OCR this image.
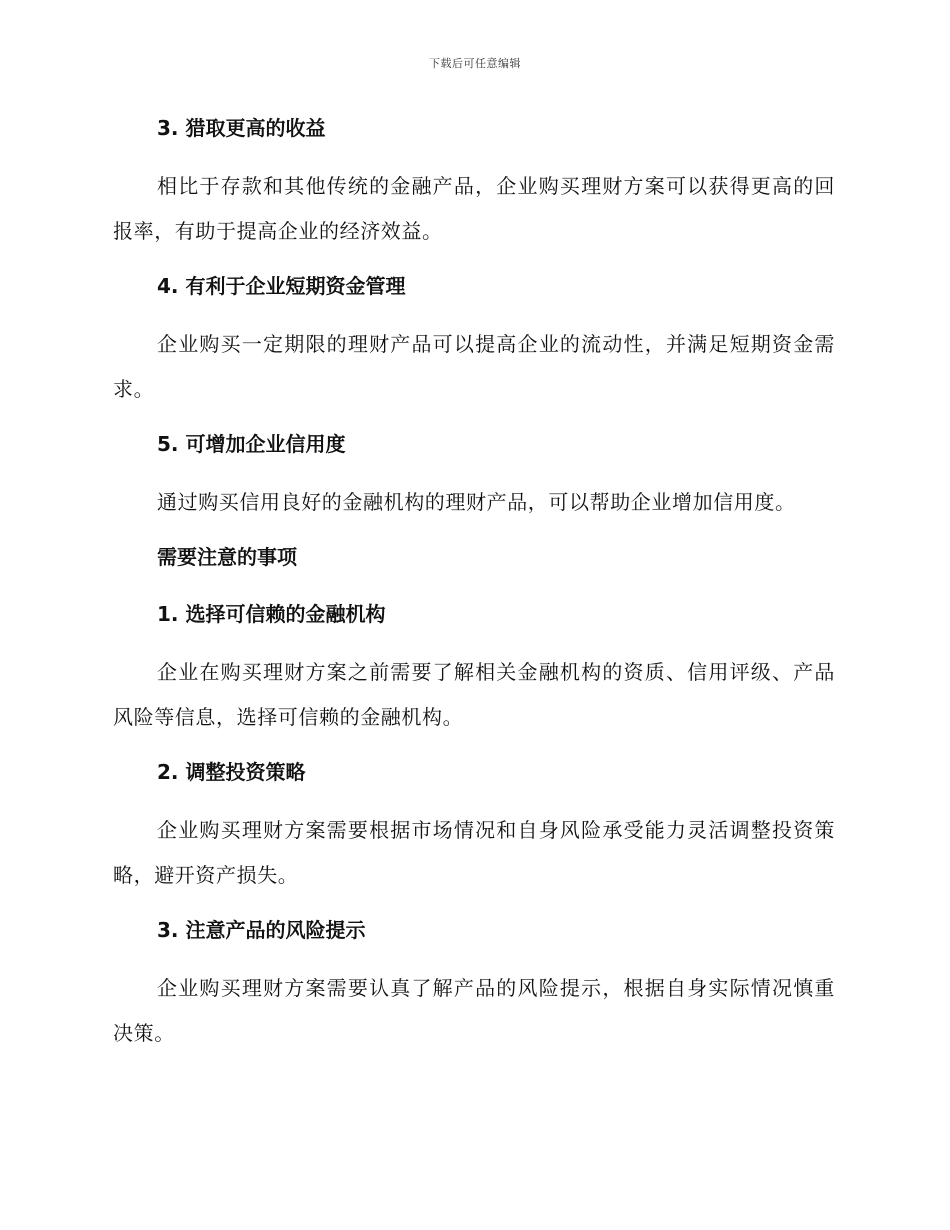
下载后可任意编辑
3. 猎取更高的收益

相比于存款和其他传统的金融产品，企业购买理财方案可以获得更高的回报率，有助于提高企业的经济效益。

4. 有利于企业短期资金管理

企业购买一定期限的理财产品可以提高企业的流动性，并满足短期资金需求。

5. 可增加企业信用度

通过购买信用良好的金融机构的理财产品，可以帮助企业增加信用度。

需要注意的事项
1. 选择可信赖的金融机构

企业在购买理财方案之前需要了解相关金融机构的资质、信用评级、产品风险等信息，选择可信赖的金融机构。

2. 调整投资策略

企业购买理财方案需要根据市场情况和自身风险承受能力灵活调整投资策略，避开资产损失。

3. 注意产品的风险提示

企业购买理财方案需要认真了解产品的风险提示，根据自身实际情况慎重决策。
